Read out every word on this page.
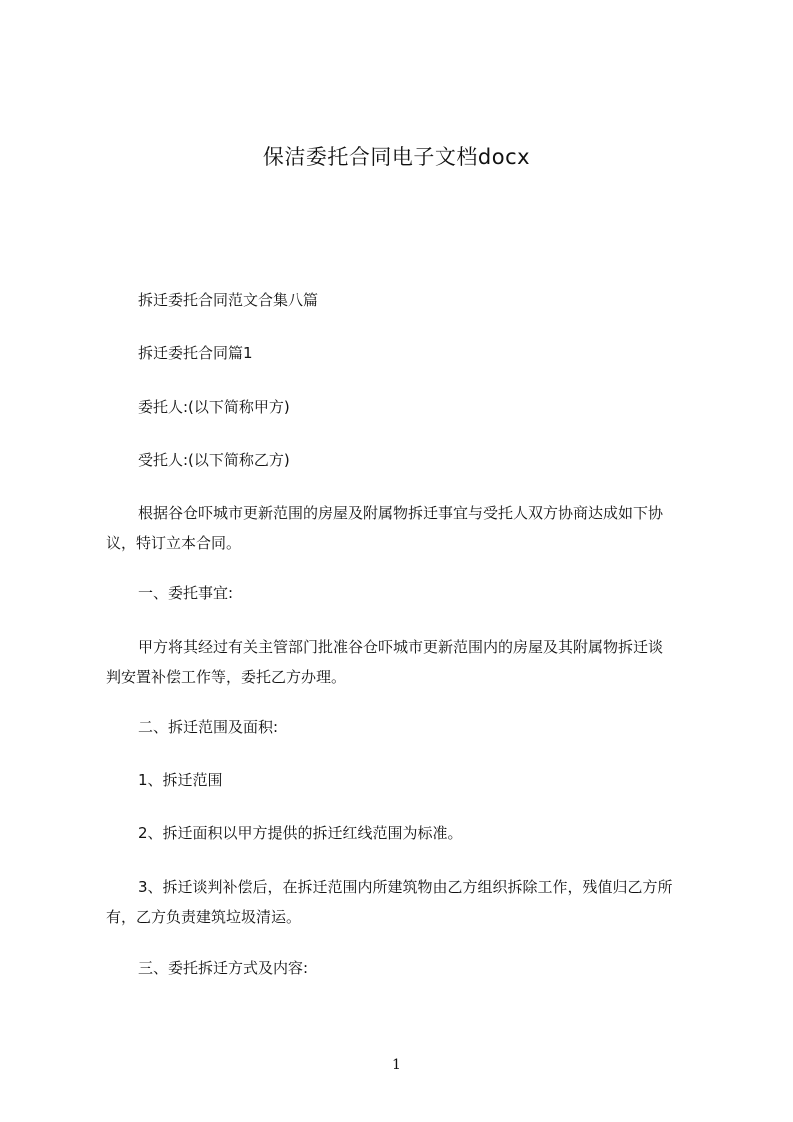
保洁委托合同电子文档docx
拆迁委托合同范文合集八篇
拆迁委托合同篇1
委托人:(以下简称甲方)
受托人:(以下简称乙方)
根据谷仓吓城市更新范围的房屋及附属物拆迁事宜与受托人双方协商达成如下协
议，特订立本合同。
一、委托事宜:
甲方将其经过有关主管部门批准谷仓吓城市更新范围内的房屋及其附属物拆迁谈
判安置补偿工作等，委托乙方办理。
二、拆迁范围及面积:
1、拆迁范围
2、拆迁面积以甲方提供的拆迁红线范围为标准。
3、拆迁谈判补偿后，在拆迁范围内所建筑物由乙方组织拆除工作，残值归乙方所
有，乙方负责建筑垃圾清运。
三、委托拆迁方式及内容:
1
